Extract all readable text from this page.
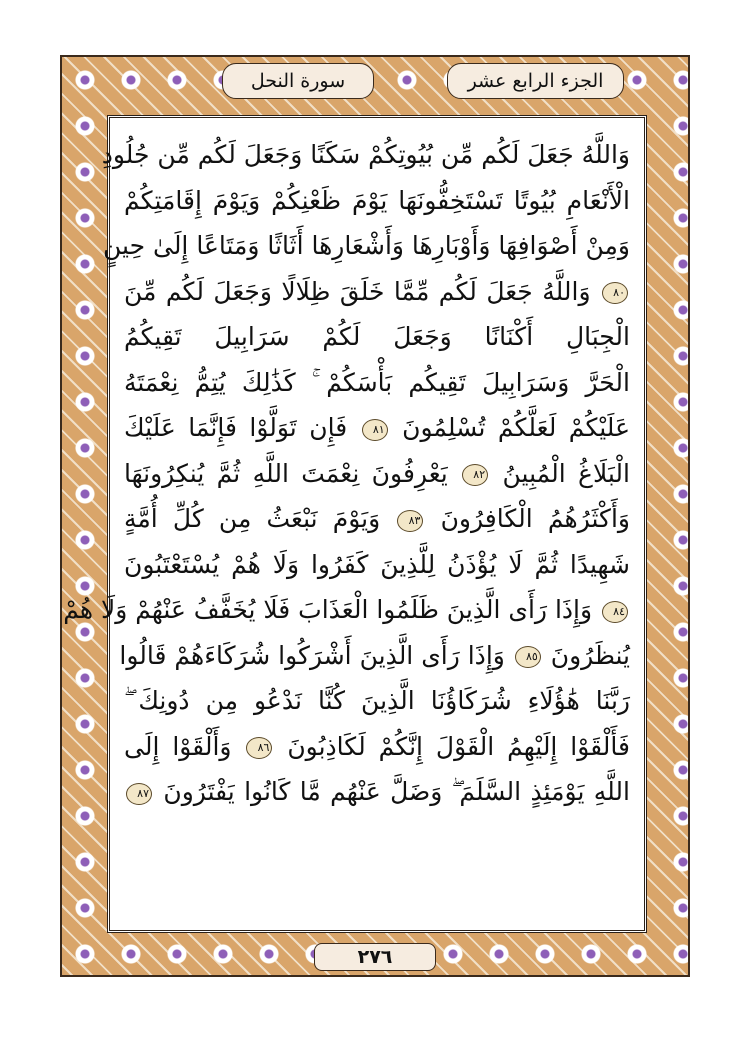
سورة النحل	الجزء الرابع عشر
وَاللَّهُ جَعَلَ لَكُم مِّن بُيُوتِكُمْ سَكَنًا وَجَعَلَ لَكُم مِّن جُلُودِ
الْأَنْعَامِ بُيُوتًا تَسْتَخِفُّونَهَا يَوْمَ ظَعْنِكُمْ وَيَوْمَ إِقَامَتِكُمْ
وَمِنْ أَصْوَافِهَا وَأَوْبَارِهَا وَأَشْعَارِهَا أَثَاثًا وَمَتَاعًا إِلَىٰ حِينٍ
٨٠ وَاللَّهُ جَعَلَ لَكُم مِّمَّا خَلَقَ ظِلَالًا وَجَعَلَ لَكُم مِّنَ
الْجِبَالِ أَكْنَانًا وَجَعَلَ لَكُمْ سَرَابِيلَ تَقِيكُمُ
الْحَرَّ وَسَرَابِيلَ تَقِيكُم بَأْسَكُمْ ۚ كَذَٰلِكَ يُتِمُّ نِعْمَتَهُ
عَلَيْكُمْ لَعَلَّكُمْ تُسْلِمُونَ ٨١ فَإِن تَوَلَّوْا فَإِنَّمَا عَلَيْكَ
الْبَلَاغُ الْمُبِينُ ٨٢ يَعْرِفُونَ نِعْمَتَ اللَّهِ ثُمَّ يُنكِرُونَهَا
وَأَكْثَرُهُمُ الْكَافِرُونَ ٨٣ وَيَوْمَ نَبْعَثُ مِن كُلِّ أُمَّةٍ
شَهِيدًا ثُمَّ لَا يُؤْذَنُ لِلَّذِينَ كَفَرُوا وَلَا هُمْ يُسْتَعْتَبُونَ
٨٤ وَإِذَا رَأَى الَّذِينَ ظَلَمُوا الْعَذَابَ فَلَا يُخَفَّفُ عَنْهُمْ وَلَا هُمْ
يُنظَرُونَ ٨٥ وَإِذَا رَأَى الَّذِينَ أَشْرَكُوا شُرَكَاءَهُمْ قَالُوا
رَبَّنَا هَٰؤُلَاءِ شُرَكَاؤُنَا الَّذِينَ كُنَّا نَدْعُو مِن دُونِكَ ۖ
فَأَلْقَوْا إِلَيْهِمُ الْقَوْلَ إِنَّكُمْ لَكَاذِبُونَ ٨٦ وَأَلْقَوْا إِلَى
اللَّهِ يَوْمَئِذٍ السَّلَمَ ۖ وَضَلَّ عَنْهُم مَّا كَانُوا يَفْتَرُونَ ٨٧
٢٧٦
